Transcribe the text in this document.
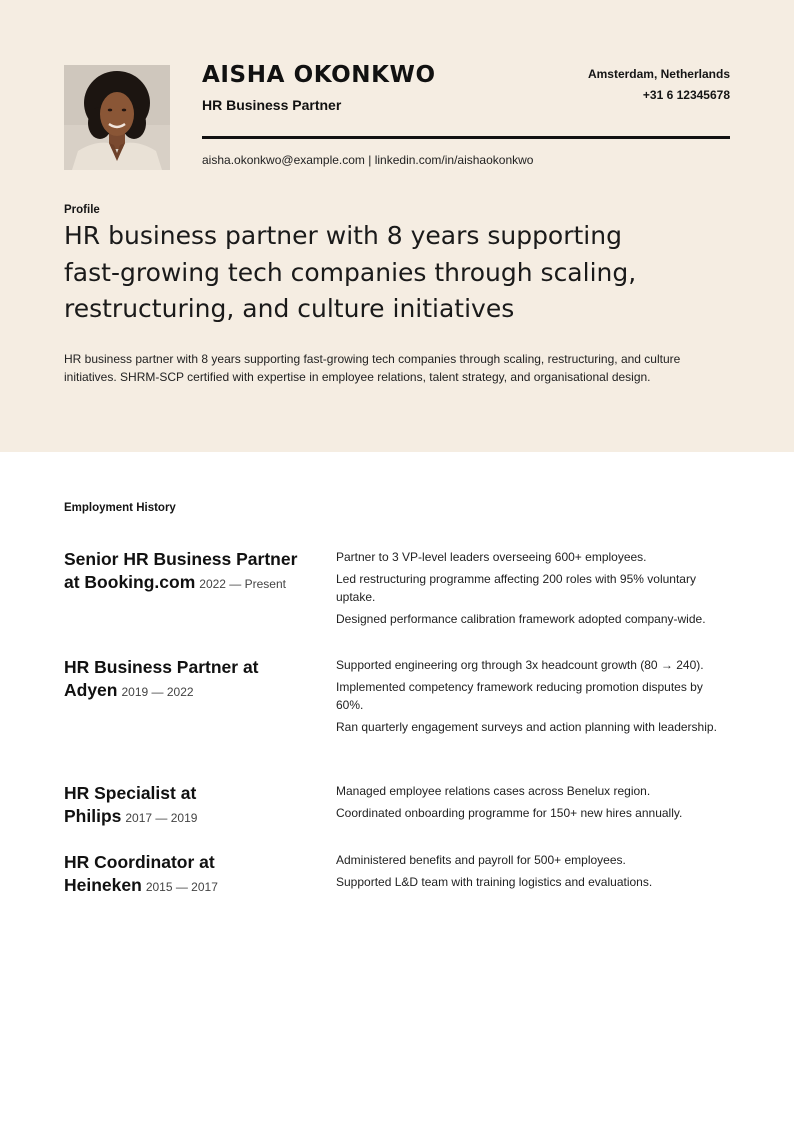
AISHA OKONKWO
HR Business Partner
Amsterdam, Netherlands
+31 6 12345678
aisha.okonkwo@example.com | linkedin.com/in/aishaokonkwo
Profile
HR business partner with 8 years supporting fast-growing tech companies through scaling, restructuring, and culture initiatives

HR business partner with 8 years supporting fast-growing tech companies through scaling, restructuring, and culture initiatives. SHRM-SCP certified with expertise in employee relations, talent strategy, and organisational design.

Employment History
Senior HR Business Partner at Booking.com 2022 — Present
Partner to 3 VP-level leaders overseeing 600+ employees.
Led restructuring programme affecting 200 roles with 95% voluntary uptake.
Designed performance calibration framework adopted company-wide.
HR Business Partner at Adyen 2019 — 2022
Supported engineering org through 3x headcount growth (80 → 240).
Implemented competency framework reducing promotion disputes by 60%.
Ran quarterly engagement surveys and action planning with leadership.
HR Specialist at Philips 2017 — 2019
Managed employee relations cases across Benelux region.
Coordinated onboarding programme for 150+ new hires annually.
HR Coordinator at Heineken 2015 — 2017
Administered benefits and payroll for 500+ employees.
Supported L&D team with training logistics and evaluations.
